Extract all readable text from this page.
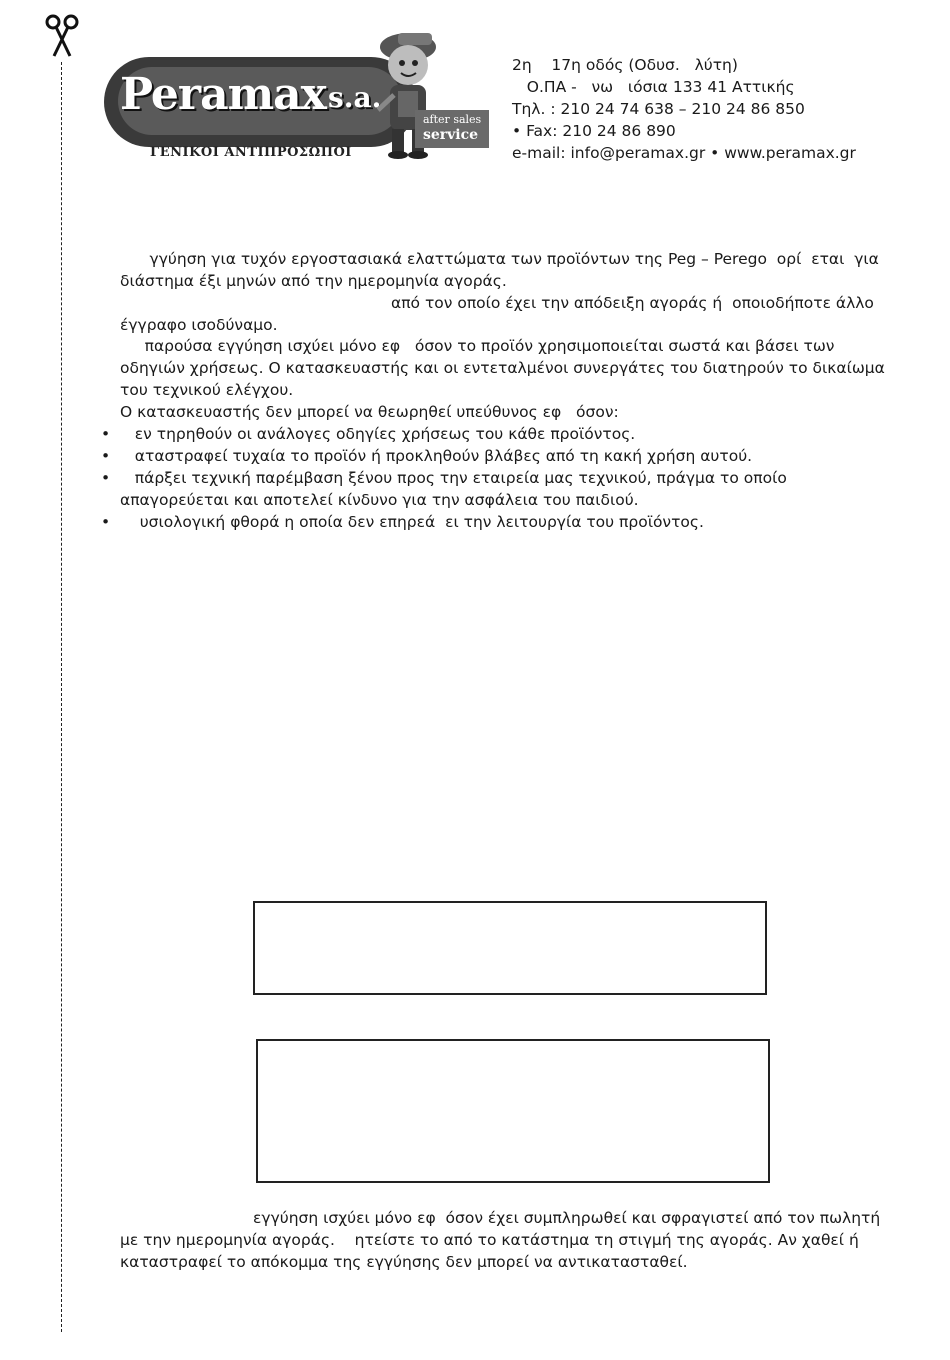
Peramax s.a.
after sales
service
ΓΕΝΙΚΟΙ ΑΝΤΙΠΡΟΣΩΠΟΙ
2η    17η οδός (Οδυσ.   λύτη)
Ο.ΠΑ -   νω   ιόσια 133 41 Αττικής
Τηλ. : 210 24 74 638 – 210 24 86 850
• Fax: 210 24 86 890
e-mail: info@peramax.gr • www.peramax.gr
γγύηση για τυχόν εργοστασιακά ελαττώματα των προϊόντων της Peg – Perego  ορί  εται  για
διάστημα έξι μηνών από την ημερομηνία αγοράς.
από τον οποίο έχει την απόδειξη αγοράς ή  οποιοδήποτε άλλο
έγγραφο ισοδύναμο.
παρούσα εγγύηση ισχύει μόνο εφ   όσον το προϊόν χρησιμοποιείται σωστά και βάσει των
οδηγιών χρήσεως. Ο κατασκευαστής και οι εντεταλμένοι συνεργάτες του διατηρούν το δικαίωμα
του τεχνικού ελέγχου.
Ο κατασκευαστής δεν μπορεί να θεωρηθεί υπεύθυνος εφ   όσον:
• εν τηρηθούν οι ανάλογες οδηγίες χρήσεως του κάθε προϊόντος.
• αταστραφεί τυχαία το προϊόν ή προκληθούν βλάβες από τη κακή χρήση αυτού.
• πάρξει τεχνική παρέμβαση ξένου προς την εταιρεία μας τεχνικού, πράγμα το οποίο
απαγορεύεται και αποτελεί κίνδυνο για την ασφάλεια του παιδιού.
• υσιολογική φθορά η οποία δεν επηρεά  ει την λειτουργία του προϊόντος.
εγγύηση ισχύει μόνο εφ  όσον έχει συμπληρωθεί και σφραγιστεί από τον πωλητή
με την ημερομηνία αγοράς.    ητείστε το από το κατάστημα τη στιγμή της αγοράς. Αν χαθεί ή
καταστραφεί το απόκομμα της εγγύησης δεν μπορεί να αντικατασταθεί.
